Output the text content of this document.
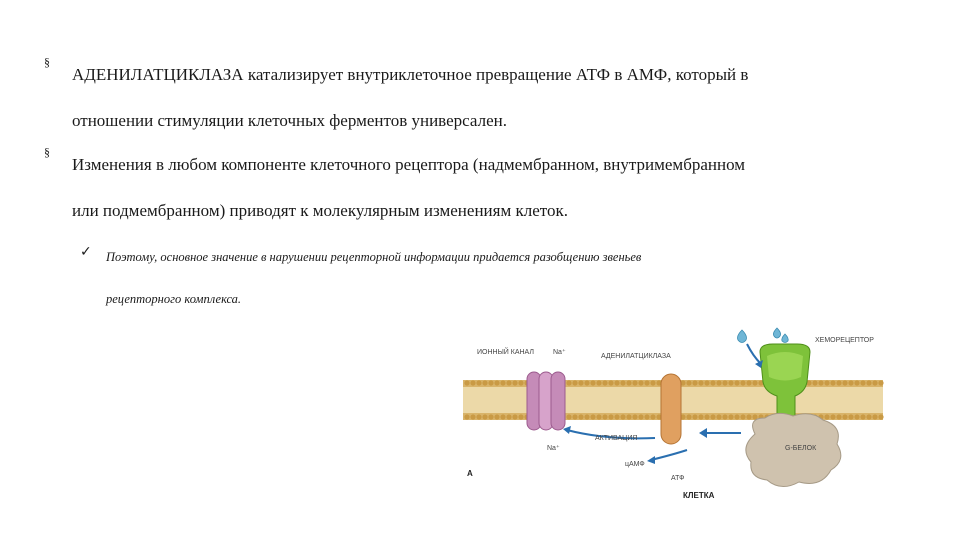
§
АДЕНИЛАТЦИКЛАЗА катализирует внутриклеточное превращение АТФ в АМФ, который в
отношении стимуляции клеточных ферментов универсален.
§
Изменения в любом компоненте клеточного рецептора (надмембранном, внутримембранном
или подмембранном) приводят к молекулярным изменениям клеток.
✓ Поэтому, основное значение в нарушении рецепторной информации придается разобщению звеньев
рецепторного комплекса.
ИОННЫЙ КАНАЛ	Na⁺
АДЕНИЛАТЦИКЛАЗА
ХЕМОРЕЦЕПТОР
АКТИВАЦИЯ
Na⁺
цАМФ
АТФ
G-БЕЛОК
КЛЕТКА
А
